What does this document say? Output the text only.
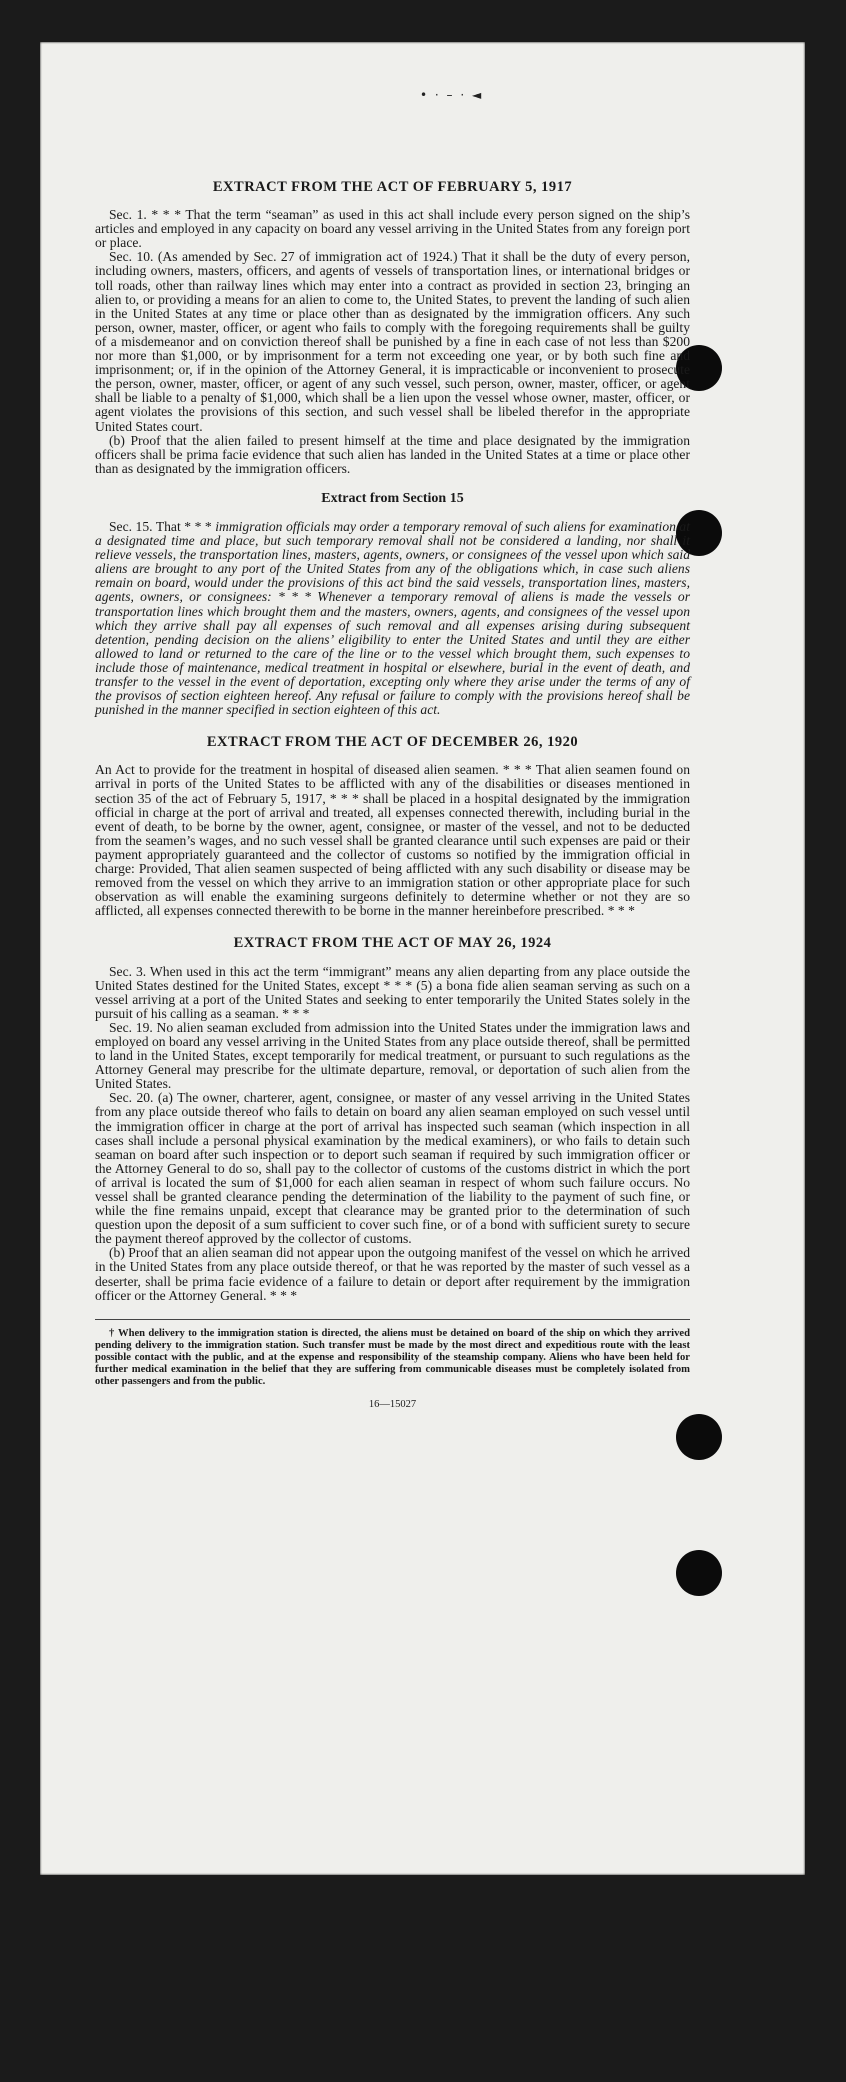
• · – · ◄
EXTRACT FROM THE ACT OF FEBRUARY 5, 1917

Sec. 1. * * * That the term “seaman” as used in this act shall include every person signed on the ship’s articles and employed in any capacity on board any vessel arriving in the United States from any foreign port or place.

Sec. 10. (As amended by Sec. 27 of immigration act of 1924.) That it shall be the duty of every person, including owners, masters, officers, and agents of vessels of transportation lines, or international bridges or toll roads, other than railway lines which may enter into a contract as provided in section 23, bringing an alien to, or providing a means for an alien to come to, the United States, to prevent the landing of such alien in the United States at any time or place other than as designated by the immigration officers. Any such person, owner, master, officer, or agent who fails to comply with the foregoing requirements shall be guilty of a misdemeanor and on conviction thereof shall be punished by a fine in each case of not less than $200 nor more than $1,000, or by imprisonment for a term not exceeding one year, or by both such fine and imprisonment; or, if in the opinion of the Attorney General, it is impracticable or inconvenient to prosecute the person, owner, master, officer, or agent of any such vessel, such person, owner, master, officer, or agent shall be liable to a penalty of $1,000, which shall be a lien upon the vessel whose owner, master, officer, or agent violates the provisions of this section, and such vessel shall be libeled therefor in the appropriate United States court.

(b) Proof that the alien failed to present himself at the time and place designated by the immigration officers shall be prima facie evidence that such alien has landed in the United States at a time or place other than as designated by the immigration officers.

Extract from Section 15

Sec. 15. That * * * immigration officials may order a temporary removal of such aliens for examination at a designated time and place, but such temporary removal shall not be considered a landing, nor shall it relieve vessels, the transportation lines, masters, agents, owners, or consignees of the vessel upon which said aliens are brought to any port of the United States from any of the obligations which, in case such aliens remain on board, would under the provisions of this act bind the said vessels, transportation lines, masters, agents, owners, or consignees: * * * Whenever a temporary removal of aliens is made the vessels or transportation lines which brought them and the masters, owners, agents, and consignees of the vessel upon which they arrive shall pay all expenses of such removal and all expenses arising during subsequent detention, pending decision on the aliens’ eligibility to enter the United States and until they are either allowed to land or returned to the care of the line or to the vessel which brought them, such expenses to include those of maintenance, medical treatment in hospital or elsewhere, burial in the event of death, and transfer to the vessel in the event of deportation, excepting only where they arise under the terms of any of the provisos of section eighteen hereof. Any refusal or failure to comply with the provisions hereof shall be punished in the manner specified in section eighteen of this act.

EXTRACT FROM THE ACT OF DECEMBER 26, 1920

An Act to provide for the treatment in hospital of diseased alien seamen. * * * That alien seamen found on arrival in ports of the United States to be afflicted with any of the disabilities or diseases mentioned in section 35 of the act of February 5, 1917, * * * shall be placed in a hospital designated by the immigration official in charge at the port of arrival and treated, all expenses connected therewith, including burial in the event of death, to be borne by the owner, agent, consignee, or master of the vessel, and not to be deducted from the seamen’s wages, and no such vessel shall be granted clearance until such expenses are paid or their payment appropriately guaranteed and the collector of customs so notified by the immigration official in charge: Provided, That alien seamen suspected of being afflicted with any such disability or disease may be removed from the vessel on which they arrive to an immigration station or other appropriate place for such observation as will enable the examining surgeons definitely to determine whether or not they are so afflicted, all expenses connected therewith to be borne in the manner hereinbefore prescribed. * * *

EXTRACT FROM THE ACT OF MAY 26, 1924

Sec. 3. When used in this act the term “immigrant” means any alien departing from any place outside the United States destined for the United States, except * * * (5) a bona fide alien seaman serving as such on a vessel arriving at a port of the United States and seeking to enter temporarily the United States solely in the pursuit of his calling as a seaman. * * *

Sec. 19. No alien seaman excluded from admission into the United States under the immigration laws and employed on board any vessel arriving in the United States from any place outside thereof, shall be permitted to land in the United States, except temporarily for medical treatment, or pursuant to such regulations as the Attorney General may prescribe for the ultimate departure, removal, or deportation of such alien from the United States.

Sec. 20. (a) The owner, charterer, agent, consignee, or master of any vessel arriving in the United States from any place outside thereof who fails to detain on board any alien seaman employed on such vessel until the immigration officer in charge at the port of arrival has inspected such seaman (which inspection in all cases shall include a personal physical examination by the medical examiners), or who fails to detain such seaman on board after such inspection or to deport such seaman if required by such immigration officer or the Attorney General to do so, shall pay to the collector of customs of the customs district in which the port of arrival is located the sum of $1,000 for each alien seaman in respect of whom such failure occurs. No vessel shall be granted clearance pending the determination of the liability to the payment of such fine, or while the fine remains unpaid, except that clearance may be granted prior to the determination of such question upon the deposit of a sum sufficient to cover such fine, or of a bond with sufficient surety to secure the payment thereof approved by the collector of customs.

(b) Proof that an alien seaman did not appear upon the outgoing manifest of the vessel on which he arrived in the United States from any place outside thereof, or that he was reported by the master of such vessel as a deserter, shall be prima facie evidence of a failure to detain or deport after requirement by the immigration officer or the Attorney General. * * *

† When delivery to the immigration station is directed, the aliens must be detained on board of the ship on which they arrived pending delivery to the immigration station. Such transfer must be made by the most direct and expeditious route with the least possible contact with the public, and at the expense and responsibility of the steamship company. Aliens who have been held for further medical examination in the belief that they are suffering from communicable diseases must be completely isolated from other passengers and from the public.

16—15027
